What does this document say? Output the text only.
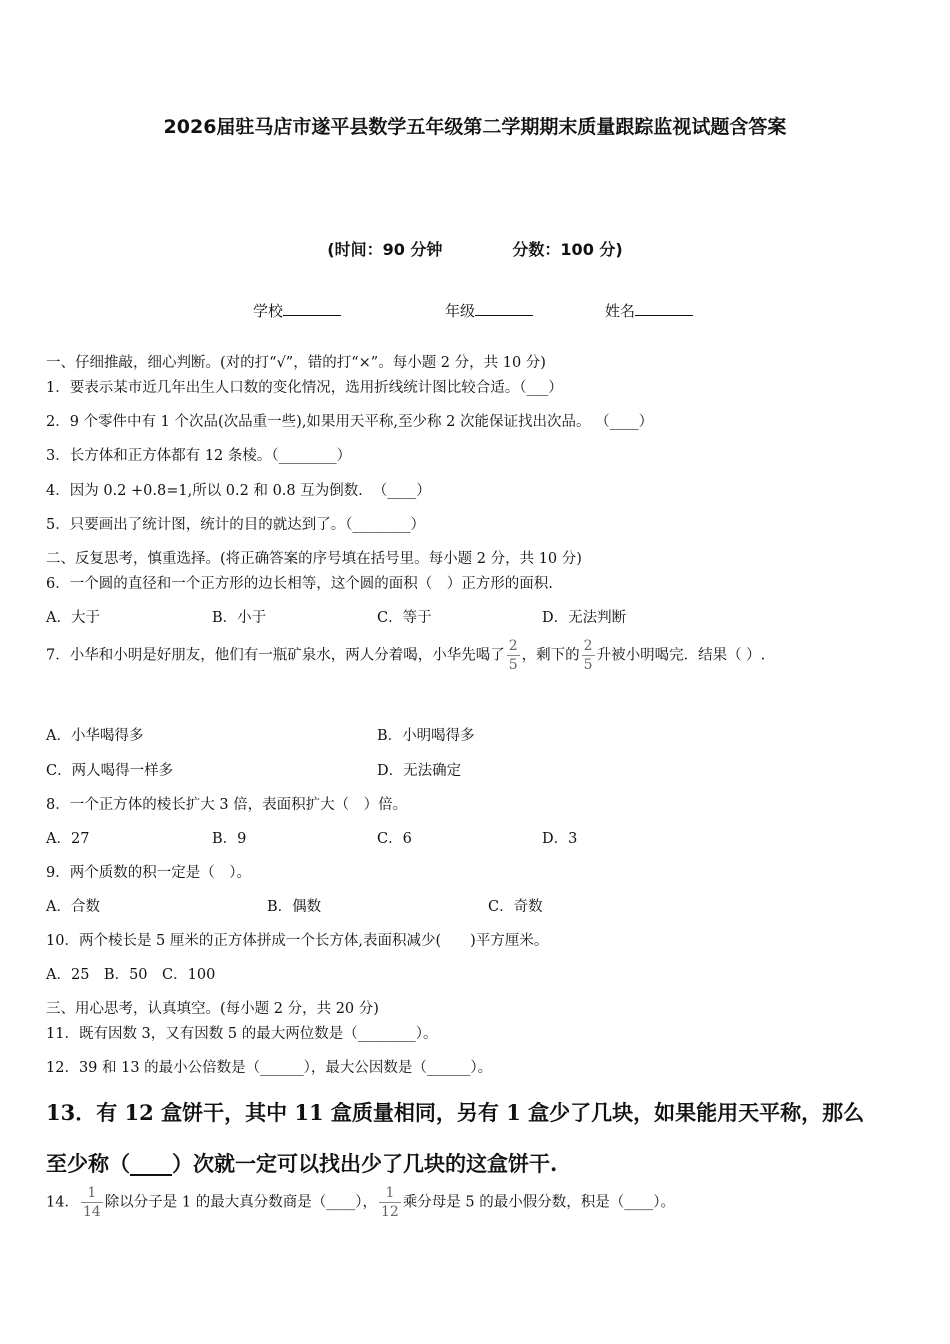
2026届驻马店市遂平县数学五年级第二学期期末质量跟踪监视试题含答案
(时间：90 分钟	分数：100 分)
学校	年级	姓名
一、仔细推敲，细心判断。(对的打“√”，错的打“×”。每小题 2 分，共 10 分)
1．要表示某市近几年出生人口数的变化情况，选用折线统计图比较合适。（___）
2．9 个零件中有 1 个次品(次品重一些),如果用天平称,至少称 2 次能保证找出次品。 （____）
3．长方体和正方体都有 12 条棱。（________）
4．因为 0.2 +0.8=1,所以 0.2 和 0.8 互为倒数．　（____）
5．只要画出了统计图，统计的目的就达到了。（________）
二、反复思考，慎重选择。(将正确答案的序号填在括号里。每小题 2 分，共 10 分)
6．一个圆的直径和一个正方形的边长相等，这个圆的面积（　）正方形的面积.
A．大于	B．小于	C．等于	D．无法判断
7．小华和小明是好朋友，他们有一瓶矿泉水，两人分着喝，小华先喝了 $\frac{2}{5}$ ，剩下的 $\frac{2}{5}$ 升被小明喝完．结果（ ）.
A．小华喝得多	B．小明喝得多
C．两人喝得一样多	D．无法确定
8．一个正方体的棱长扩大 3 倍，表面积扩大（　）倍。
A．27	B．9	C．6	D．3
9．两个质数的积一定是（　）。
A．合数	B．偶数	C．奇数
10．两个棱长是 5 厘米的正方体拼成一个长方体,表面积减少(　　)平方厘米。
A．25　B．50　C．100
三、用心思考，认真填空。(每小题 2 分，共 20 分)
11．既有因数 3，又有因数 5 的最大两位数是（________）。
12．39 和 13 的最小公倍数是（______），最大公因数是（______）。
13．有 12 盒饼干，其中 11 盒质量相同，另有 1 盒少了几块，如果能用天平称，那么
至少称（____）次就一定可以找出少了几块的这盒饼干.
14． $\frac{1}{14}$ 除以分子是 1 的最大真分数商是（____）， $\frac{1}{12}$ 乘分母是 5 的最小假分数，积是（____）。
